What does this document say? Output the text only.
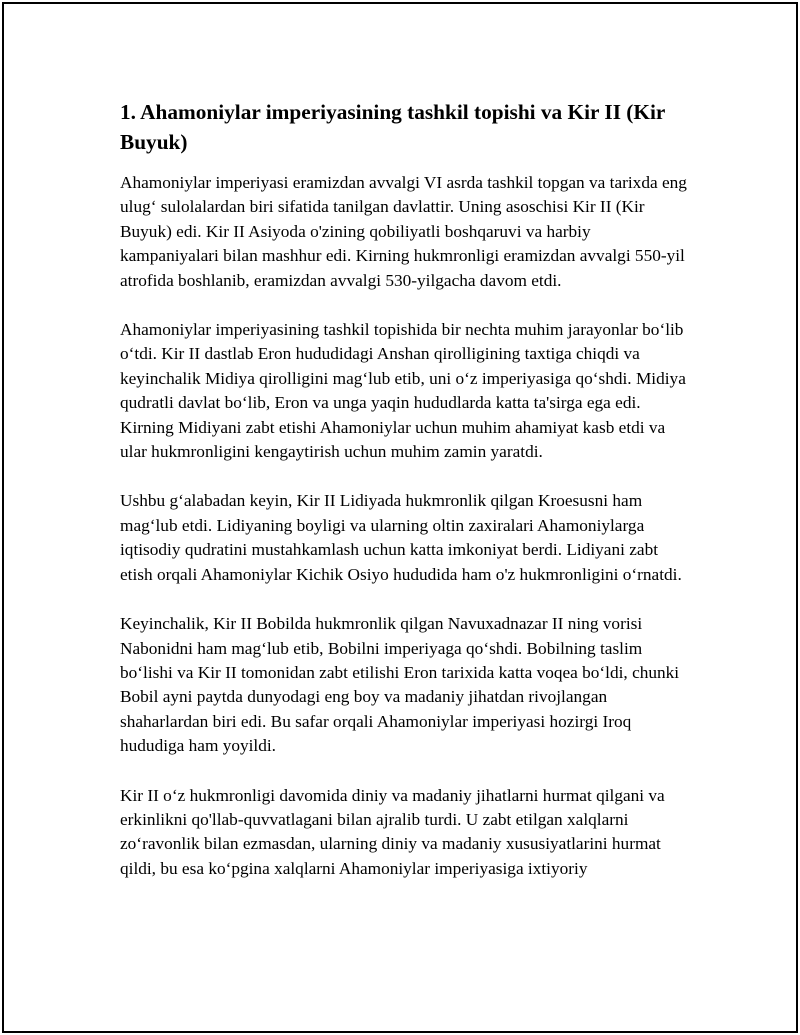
1. Ahamoniylar imperiyasining tashkil topishi va Kir II (Kir Buyuk)

Ahamoniylar imperiyasi eramizdan avvalgi VI asrda tashkil topgan va tarixda eng ulug‘ sulolalardan biri sifatida tanilgan davlattir. Uning asoschisi Kir II (Kir Buyuk) edi. Kir II Asiyoda o'zining qobiliyatli boshqaruvi va harbiy kampaniyalari bilan mashhur edi. Kirning hukmronligi eramizdan avvalgi 550-yil atrofida boshlanib, eramizdan avvalgi 530-yilgacha davom etdi.

Ahamoniylar imperiyasining tashkil topishida bir nechta muhim jarayonlar bo‘lib o‘tdi. Kir II dastlab Eron hududidagi Anshan qirolligining taxtiga chiqdi va keyinchalik Midiya qirolligini mag‘lub etib, uni o‘z imperiyasiga qo‘shdi. Midiya qudratli davlat bo‘lib, Eron va unga yaqin hududlarda katta ta'sirga ega edi. Kirning Midiyani zabt etishi Ahamoniylar uchun muhim ahamiyat kasb etdi va ular hukmronligini kengaytirish uchun muhim zamin yaratdi.

Ushbu g‘alabadan keyin, Kir II Lidiyada hukmronlik qilgan Kroesusni ham mag‘lub etdi. Lidiyaning boyligi va ularning oltin zaxiralari Ahamoniylarga iqtisodiy qudratini mustahkamlash uchun katta imkoniyat berdi. Lidiyani zabt etish orqali Ahamoniylar Kichik Osiyo hududida ham o'z hukmronligini o‘rnatdi.

Keyinchalik, Kir II Bobilda hukmronlik qilgan Navuxadnazar II ning vorisi Nabonidni ham mag‘lub etib, Bobilni imperiyaga qo‘shdi. Bobilning taslim bo‘lishi va Kir II tomonidan zabt etilishi Eron tarixida katta voqea bo‘ldi, chunki Bobil ayni paytda dunyodagi eng boy va madaniy jihatdan rivojlangan shaharlardan biri edi. Bu safar orqali Ahamoniylar imperiyasi hozirgi Iroq hududiga ham yoyildi.

Kir II o‘z hukmronligi davomida diniy va madaniy jihatlarni hurmat qilgani va erkinlikni qo'llab-quvvatlagani bilan ajralib turdi. U zabt etilgan xalqlarni zo‘ravonlik bilan ezmasdan, ularning diniy va madaniy xususiyatlarini hurmat qildi, bu esa ko‘pgina xalqlarni Ahamoniylar imperiyasiga ixtiyoriy
